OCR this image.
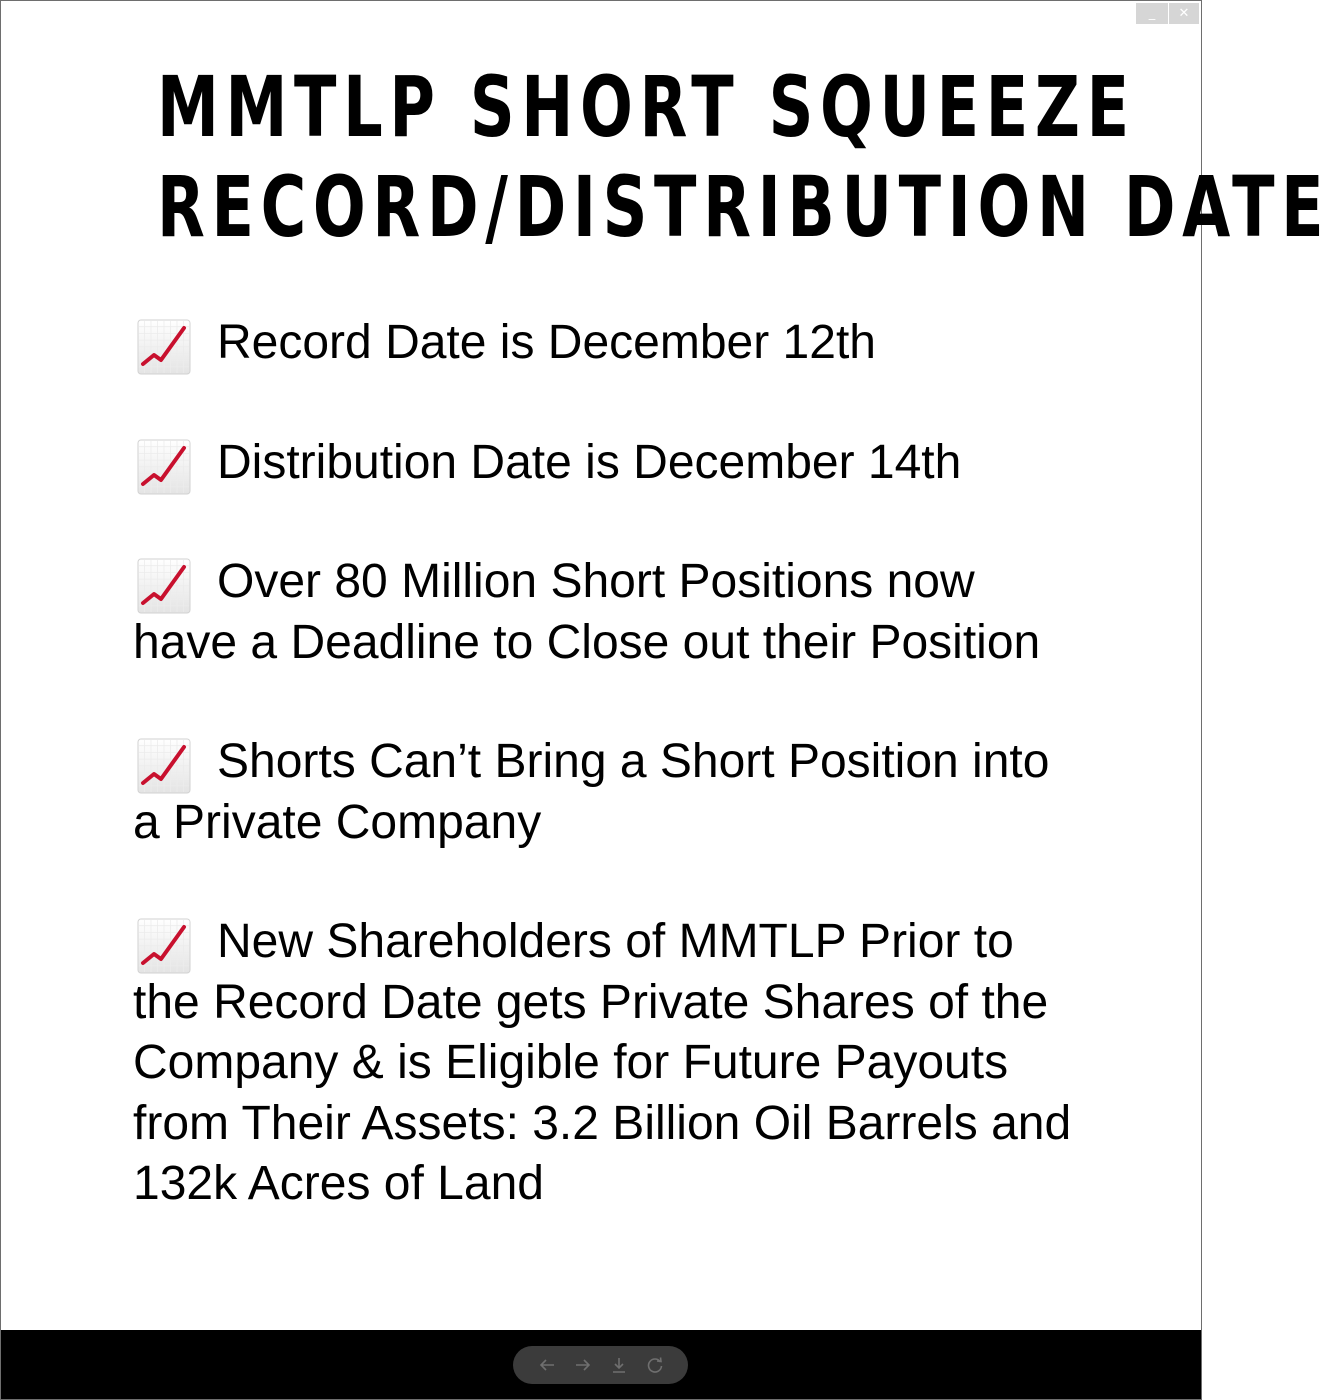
_	✕
MMTLP SHORT SQUEEZE
RECORD/DISTRIBUTION DATE
Record Date is December 12th
Distribution Date is December 14th
Over 80 Million Short Positions now have a Deadline to Close out their Position
Shorts Can’t Bring a Short Position into a Private Company
New Shareholders of MMTLP Prior to the Record Date gets Private Shares of the Company & is Eligible for Future Payouts from Their Assets: 3.2 Billion Oil Barrels and 132k Acres of Land
